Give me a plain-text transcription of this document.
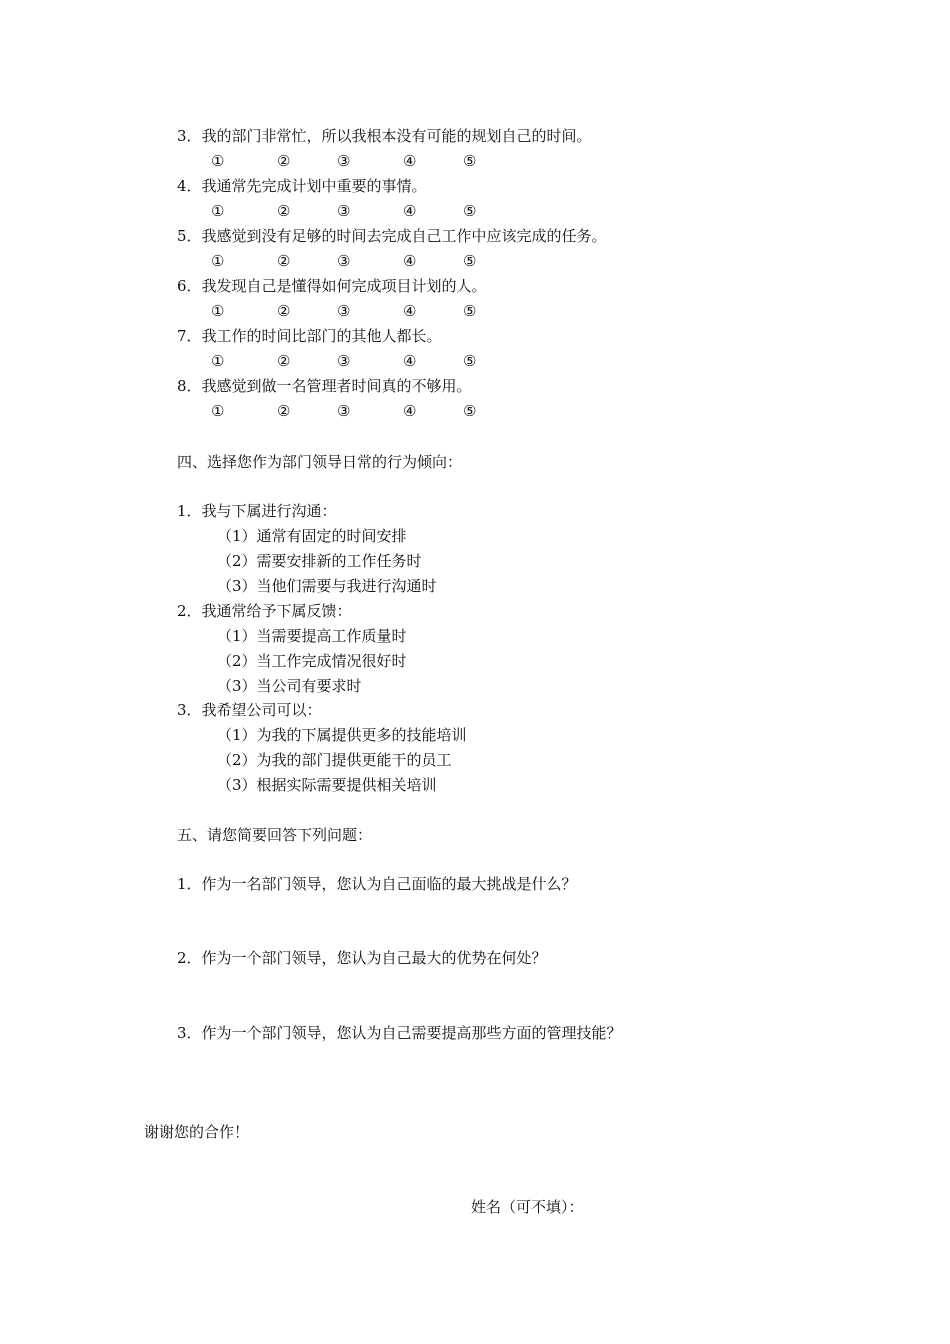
3．我的部门非常忙，所以我根本没有可能的规划自己的时间。
①	②	③	④	⑤
4．我通常先完成计划中重要的事情。
①	②	③	④	⑤
5．我感觉到没有足够的时间去完成自己工作中应该完成的任务。
①	②	③	④	⑤
6．我发现自己是懂得如何完成项目计划的人。
①	②	③	④	⑤
7．我工作的时间比部门的其他人都长。
①	②	③	④	⑤
8．我感觉到做一名管理者时间真的不够用。
①	②	③	④	⑤
四、选择您作为部门领导日常的行为倾向：
1．我与下属进行沟通：
（1）通常有固定的时间安排
（2）需要安排新的工作任务时
（3）当他们需要与我进行沟通时
2．我通常给予下属反馈：
（1）当需要提高工作质量时
（2）当工作完成情况很好时
（3）当公司有要求时
3．我希望公司可以：
（1）为我的下属提供更多的技能培训
（2）为我的部门提供更能干的员工
（3）根据实际需要提供相关培训
五、请您简要回答下列问题：
1．作为一名部门领导，您认为自己面临的最大挑战是什么？
2．作为一个部门领导，您认为自己最大的优势在何处？
3．作为一个部门领导，您认为自己需要提高那些方面的管理技能？
谢谢您的合作！
姓名（可不填）：
